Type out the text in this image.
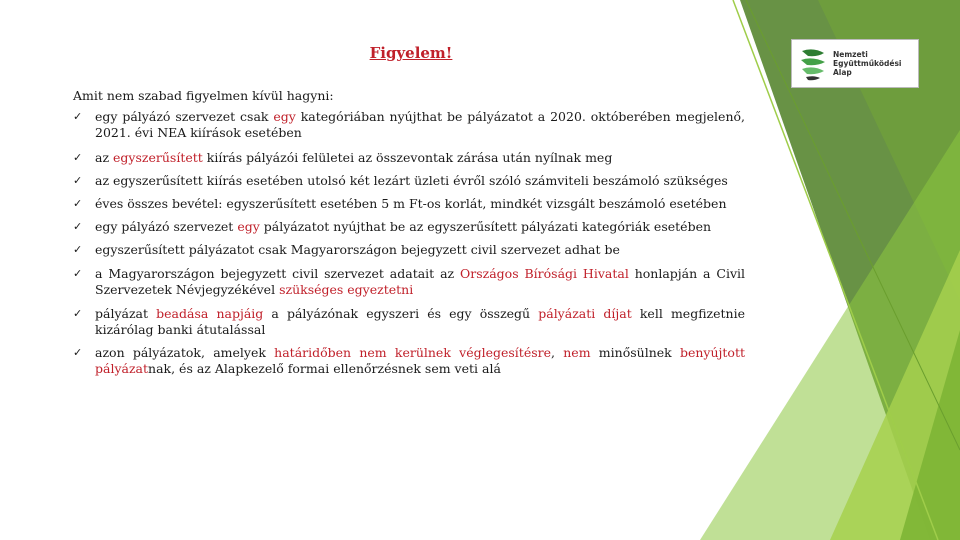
Figyelem!
Amit nem szabad figyelmen kívül hagyni:
✓	egy pályázó szervezet csak egy kategóriában nyújthat be pályázatot a 2020. októberében megjelenő, 2021. évi NEA kiírások esetében
✓	az egyszerűsített kiírás pályázói felületei az összevontak zárása után nyílnak meg
✓	az egyszerűsített kiírás esetében utolsó két lezárt üzleti évről szóló számviteli beszámoló szükséges
✓	éves összes bevétel: egyszerűsített esetében 5 m Ft-os korlát, mindkét vizsgált beszámoló esetében
✓	egy pályázó szervezet egy pályázatot nyújthat be az egyszerűsített pályázati kategóriák esetében
✓	egyszerűsített pályázatot csak Magyarországon bejegyzett civil szervezet adhat be
✓	a Magyarországon bejegyzett civil szervezet adatait az Országos Bírósági Hivatal honlapján a Civil Szervezetek Névjegyzékével szükséges egyeztetni
✓	pályázat beadása napjáig a pályázónak egyszeri és egy összegű pályázati díjat kell megfizetnie kizárólag banki átutalással
✓	azon pályázatok, amelyek határidőben nem kerülnek véglegesítésre, nem minősülnek benyújtott pályázatnak, és az Alapkezelő formai ellenőrzésnek sem veti alá
Nemzeti
Együttműködési
Alap
